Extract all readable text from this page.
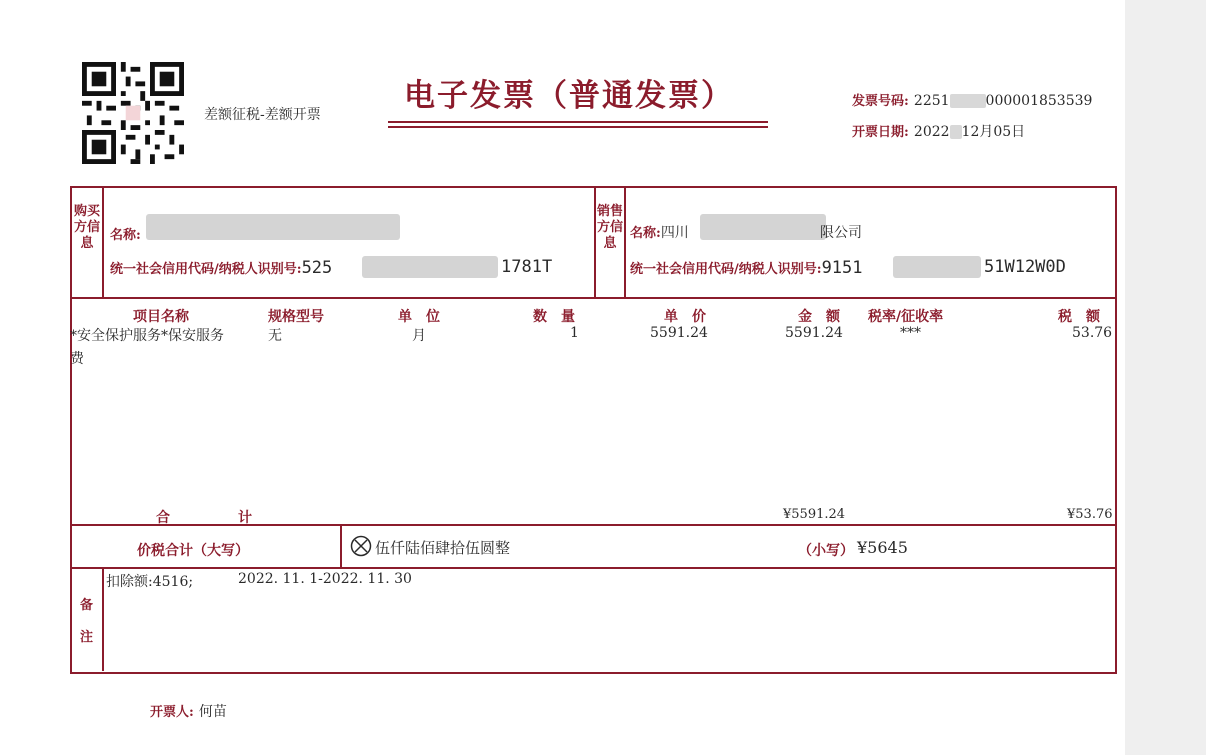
差额征税-差额开票
电子发票（普通发票）	发票号码: 2251	000001853539
开票日期: 2022 12月05日
购买方信息
名称:
统一社会信用代码/纳税人识别号:525	1781T
销售方信息
名称:四川	限公司
统一社会信用代码/纳税人识别号:9151	51W12W0D
项目名称	规格型号	单　位	数　量	单　价	金　额 税率/征收率	税　额
*安全保护服务*保安服务
费
无	月	1	5591.24	5591.24	***	53.76
合	计	¥5591.24	¥53.76
价税合计（大写）	伍仟陆佰肆拾伍圆整	（小写） ¥5645
备
注
扣除额:4516;	2022. 11. 1-2022. 11. 30
开票人: 何苗
